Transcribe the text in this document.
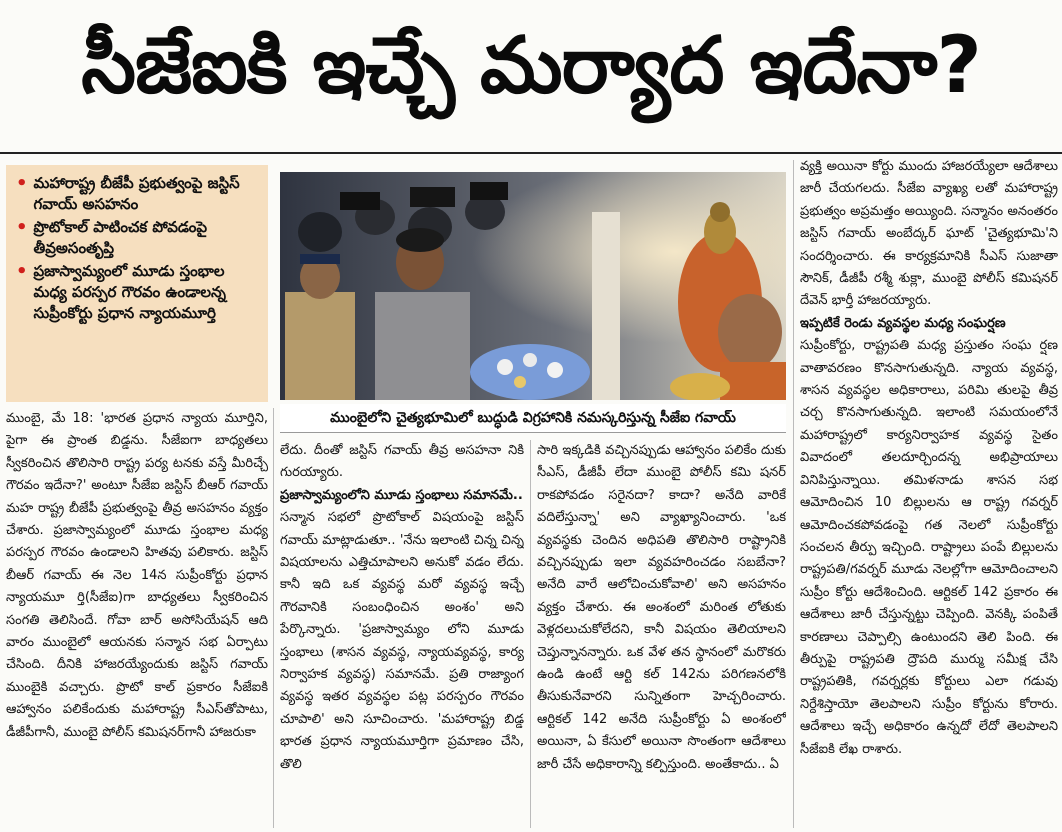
సీజేఐకి ఇచ్చే మర్యాద ఇదేనా?
• మహారాష్ట్ర బీజేపీ ప్రభుత్వంపై జస్టిస్ గవాయ్ అసహనం
• ప్రొటోకాల్ పాటించక పోవడంపై తీవ్రఅసంతృప్తి
• ప్రజాస్వామ్యంలో మూడు స్తంభాల మధ్య పరస్పర గౌరవం ఉండాలన్న సుప్రీంకోర్టు ప్రధాన న్యాయమూర్తి
ముంబైలోని చైత్యభూమిలో బుద్ధుడి విగ్రహానికి నమస్కరిస్తున్న సీజేఐ గవాయ్

ముంబై, మే 18: 'భారత ప్రధాన న్యాయ మూర్తిని, పైగా ఈ ప్రాంత బిడ్డను. సీజేఐగా బాధ్యతలు స్వీకరించిన తొలిసారి రాష్ట్ర పర్య టనకు వస్తే మీరిచ్చే గౌరవం ఇదేనా?' అంటూ సీజేఐ జస్టిస్ బీఆర్ గవాయ్ మహ రాష్ట్ర బీజేపీ ప్రభుత్వంపై తీవ్ర అసహనం వ్యక్తం చేశారు. ప్రజాస్వామ్యంలో మూడు స్తంభాల మధ్య పరస్పర గౌరవం ఉండాలని హితవు పలికారు. జస్టిస్ బీఆర్ గవాయ్ ఈ నెల 14న సుప్రీంకోర్టు ప్రధాన న్యాయమూ ర్తి(సీజేఐ)గా బాధ్యతలు స్వీకరించిన సంగతి తెలిసిందే. గోవా బార్ అసోసియేషన్ ఆది వారం ముంబైలో ఆయనకు సన్మాన సభ ఏర్పాటు చేసింది. దీనికి హాజరయ్యేందుకు జస్టిస్ గవాయ్ ముంబైకి వచ్చారు. ప్రొటో కాల్ ప్రకారం సీజేఐకి ఆహ్వానం పలికేందుకు మహారాష్ట్ర సీఎస్‌తోపాటు, డీజీపీగానీ, ముంబై పోలీస్ కమిషనర్‌గానీ హాజరుకా

లేదు. దీంతో జస్టిస్ గవాయ్ తీవ్ర అసహనా నికి గురయ్యారు.

ప్రజాస్వామ్యంలోని మూడు స్తంభాలు సమానమే..

సన్మాన సభలో ప్రొటోకాల్ విషయంపై జస్టిస్ గవాయ్ మాట్లాడుతూ.. 'నేను ఇలాంటి చిన్న చిన్న విషయాలను ఎత్తిచూపాలని అనుకో వడం లేదు. కానీ ఇది ఒక వ్యవస్థ మరో వ్యవస్థ ఇచ్చే గౌరవానికి సంబంధించిన అంశం' అని పేర్కొన్నారు. 'ప్రజాస్వామ్యం లోని మూడు స్తంభాలు (శాసన వ్యవస్థ, న్యాయవ్యవస్థ, కార్య నిర్వాహక వ్యవస్థ) సమానమే. ప్రతి రాజ్యాంగ వ్యవస్థ ఇతర వ్యవస్థల పట్ల పరస్పరం గౌరవం చూపాలి' అని సూచించారు. 'మహారాష్ట్ర బిడ్డ భారత ప్రధాన న్యాయమూర్తిగా ప్రమాణం చేసి, తొలి

సారి ఇక్కడికి వచ్చినప్పుడు ఆహ్వానం పలికేం దుకు సీఎస్, డీజీపీ లేదా ముంబై పోలీస్ కమి షనర్ రాకపోవడం సరైనదా? కాదా? అనేది వారికే వదిలేస్తున్నా' అని వ్యాఖ్యానించారు. 'ఒక వ్యవస్థకు చెందిన అధిపతి తొలిసారి రాష్ట్రానికి వచ్చినప్పుడు ఇలా వ్యవహరించడం సబబేనా? అనేది వారే ఆలోచించుకోవాలి' అని అసహనం వ్యక్తం చేశారు. ఈ అంశంలో మరింత లోతుకు వెళ్లదలుచుకోలేదని, కానీ విషయం తెలియాలని చెప్తున్నానన్నారు. ఒక వేళ తన స్థానంలో మరొకరు ఉండి ఉంటే ఆర్టి కల్ 142ను పరిగణనలోకి తీసుకునేవారని సున్నితంగా హెచ్చరించారు. ఆర్టికల్ 142 అనేది సుప్రీంకోర్టు ఏ అంశంలో అయినా, ఏ కేసులో అయినా సొంతంగా ఆదేశాలు జారీ చేసే అధికారాన్ని కల్పిస్తుంది. అంతేకాదు.. ఏ

వ్యక్తి అయినా కోర్టు ముందు హాజరయ్యేలా ఆదేశాలు జారీ చేయగలదు. సీజేఐ వ్యాఖ్య లతో మహారాష్ట్ర ప్రభుత్వం అప్రమత్తం అయ్యింది. సన్మానం అనంతరం జస్టిస్ గవాయ్ అంబేద్కర్ ఘాట్ 'చైత్యభూమి'ని సందర్శించారు. ఈ కార్యక్రమానికి సీఎస్ సుజాతా సౌనిక్, డీజీపీ రశ్మీ శుక్లా, ముంబై పోలీస్ కమిషనర్ దేవెన్ భార్తీ హాజరయ్యారు.

ఇప్పటికే రెండు వ్యవస్థల మధ్య సంఘర్షణ

సుప్రీంకోర్టు, రాష్ట్రపతి మధ్య ప్రస్తుతం సంఘ ర్షణ వాతావరణం కొనసాగుతున్నది. న్యాయ వ్యవస్థ, శాసన వ్యవస్థల అధికారాలు, పరిమి తులపై తీవ్ర చర్చ కొనసాగుతున్నది. ఇలాంటి సమయంలోనే మహారాష్ట్రలో కార్యనిర్వాహక వ్యవస్థ సైతం వివాదంలో తలదూర్చిందన్న అభిప్రాయాలు వినిపిస్తున్నాయి. తమిళనాడు శాసన సభ ఆమోదించిన 10 బిల్లులను ఆ రాష్ట్ర గవర్నర్ ఆమోదించకపోవడంపై గత నెలలో సుప్రీంకోర్టు సంచలన తీర్పు ఇచ్చింది. రాష్ట్రాలు పంపే బిల్లులను రాష్ట్రపతి/గవర్నర్ మూడు నెలల్లోగా ఆమోదించాలని సుప్రీం కోర్టు ఆదేశించింది. ఆర్టికల్ 142 ప్రకారం ఈ ఆదేశాలు జారీ చేస్తున్నట్టు చెప్పింది. వెనక్కి పంపితే కారణాలు చెప్పాల్సి ఉంటుందని తెలి పింది. ఈ తీర్పుపై రాష్ట్రపతి ద్రౌపది ముర్ము సమీక్ష చేసి రాష్ట్రపతికి, గవర్నర్లకు కోర్టులు ఎలా గడువు నిర్దేశిస్తాయో తెలపాలని సుప్రీం కోర్టును కోరారు. ఆదేశాలు ఇచ్చే అధికారం ఉన్నదో లేదో తెలపాలని సీజేఐకి లేఖ రాశారు.
